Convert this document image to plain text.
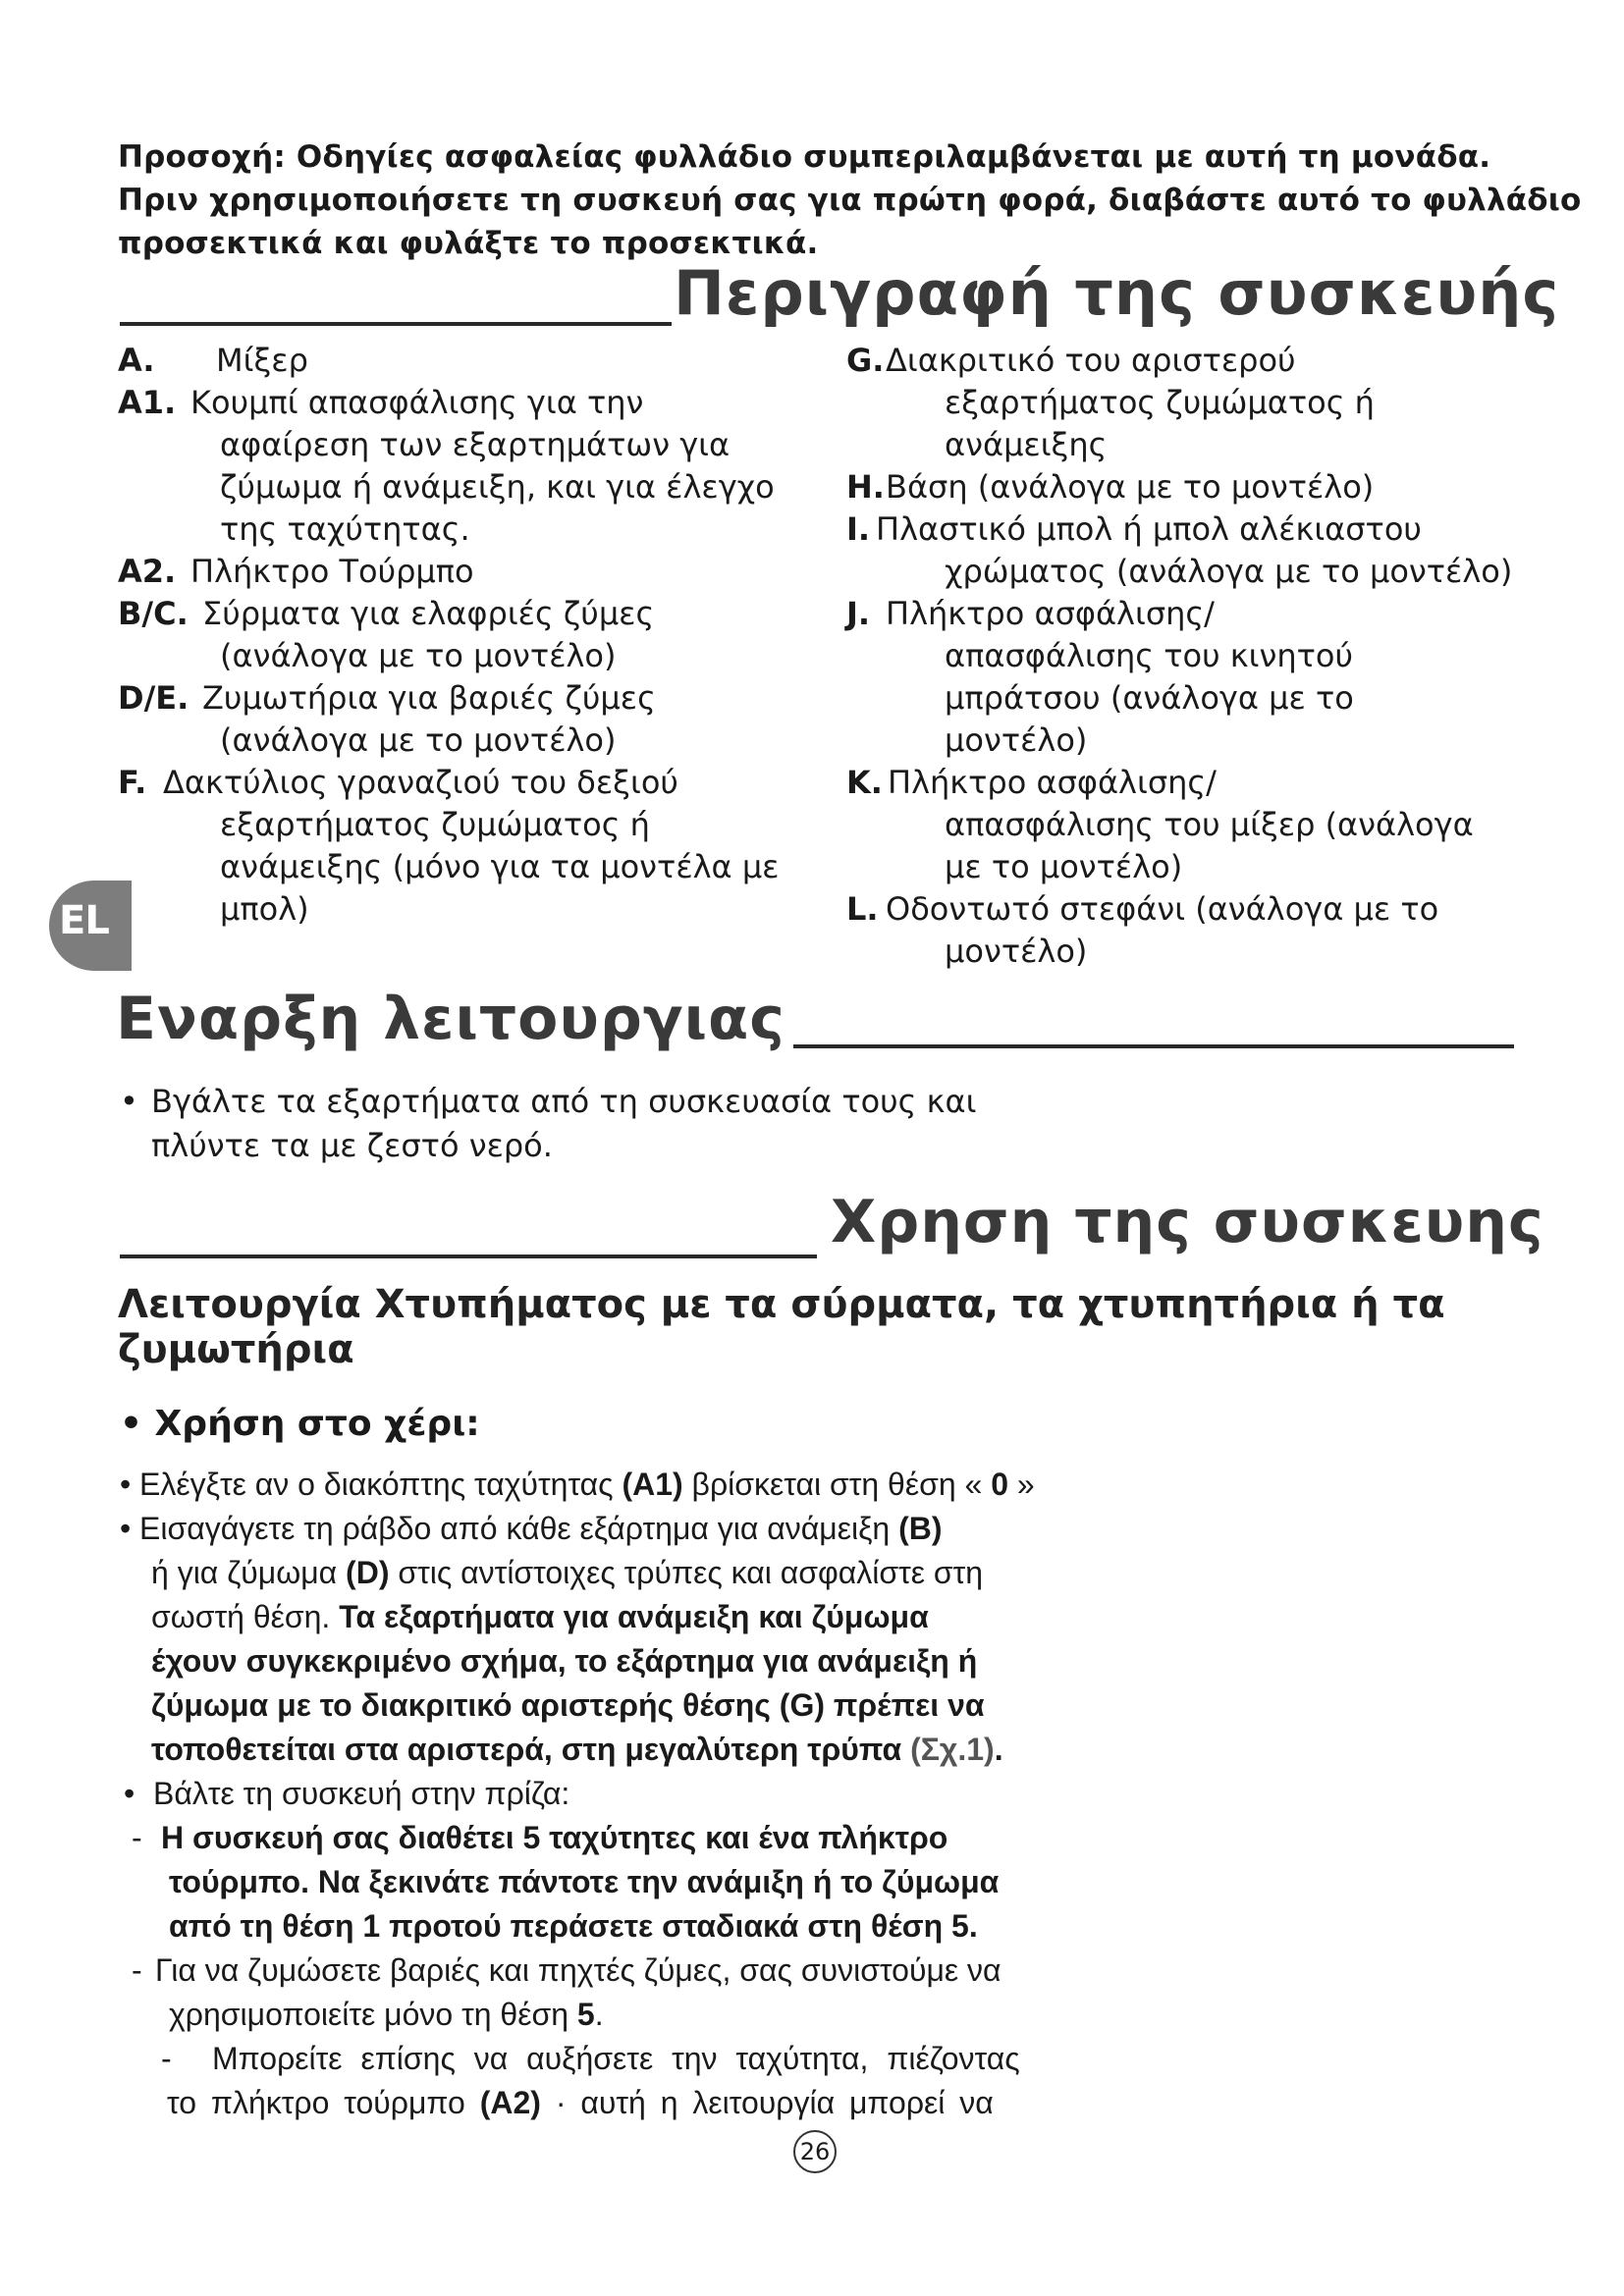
Προσοχή: Οδηγίες ασφαλείας φυλλάδιο συμπεριλαμβάνεται με αυτή τη μονάδα.
Πριν χρησιμοποιήσετε τη συσκευή σας για πρώτη φορά, διαβάστε αυτό το φυλλάδιο
προσεκτικά και φυλάξτε το προσεκτικά.
Περιγραφή της συσκευής
A. Μίξερ
A1. Κουμπί απασφάλισης για την
αφαίρεση των εξαρτημάτων για
ζύμωμα ή ανάμειξη, και για έλεγχο
της ταχύτητας.
A2. Πλήκτρο Τούρμπο
B/C. Σύρματα για ελαφριές ζύμες
(ανάλογα με το μοντέλο)
D/E. Ζυμωτήρια για βαριές ζύμες
(ανάλογα με το μοντέλο)
F. Δακτύλιος γραναζιού του δεξιού
εξαρτήματος ζυμώματος ή
ανάμειξης (μόνο για τα μοντέλα με
μπολ)
G. Διακριτικό του αριστερού
εξαρτήματος ζυμώματος ή
ανάμειξης
H. Βάση (ανάλογα με το μοντέλο)
I. Πλαστικό μπολ ή μπολ αλέκιαστου
χρώματος (ανάλογα με το μοντέλο)
J. Πλήκτρο ασφάλισης/
απασφάλισης του κινητού
μπράτσου (ανάλογα με το
μοντέλο)
K. Πλήκτρο ασφάλισης/
απασφάλισης του μίξερ (ανάλογα
με το μοντέλο)
L. Οδοντωτό στεφάνι (ανάλογα με το
μοντέλο)
EL
Εναρξη λειτουργιας
• Βγάλτε τα εξαρτήματα από τη συσκευασία τους και
πλύντε τα με ζεστό νερό.
Χρηση της συσκευης
Λειτουργία Χτυπήματος με τα σύρματα, τα χτυπητήρια ή τα
ζυμωτήρια
• Χρήση στο χέρι:
• Ελέγξτε αν ο διακόπτης ταχύτητας (A1) βρίσκεται στη θέση « 0 »
• Εισαγάγετε τη ράβδο από κάθε εξάρτημα για ανάμειξη (B)
ή για ζύμωμα (D) στις αντίστοιχες τρύπες και ασφαλίστε στη
σωστή θέση. Τα εξαρτήματα για ανάμειξη και ζύμωμα
έχουν συγκεκριμένο σχήμα, το εξάρτημα για ανάμειξη ή
ζύμωμα με το διακριτικό αριστερής θέσης (G) πρέπει να
τοποθετείται στα αριστερά, στη μεγαλύτερη τρύπα (Σχ.1).
• Βάλτε τη συσκευή στην πρίζα:
- Η συσκευή σας διαθέτει 5 ταχύτητες και ένα πλήκτρο
τούρμπο. Να ξεκινάτε πάντοτε την ανάμιξη ή το ζύμωμα
από τη θέση 1 προτού περάσετε σταδιακά στη θέση 5.
- Για να ζυμώσετε βαριές και πηχτές ζύμες, σας συνιστούμε να
χρησιμοποιείτε μόνο τη θέση 5.
- Μπορείτε επίσης να αυξήσετε την ταχύτητα, πιέζοντας
το πλήκτρο τούρμπο (A2) · αυτή η λειτουργία μπορεί να
26
